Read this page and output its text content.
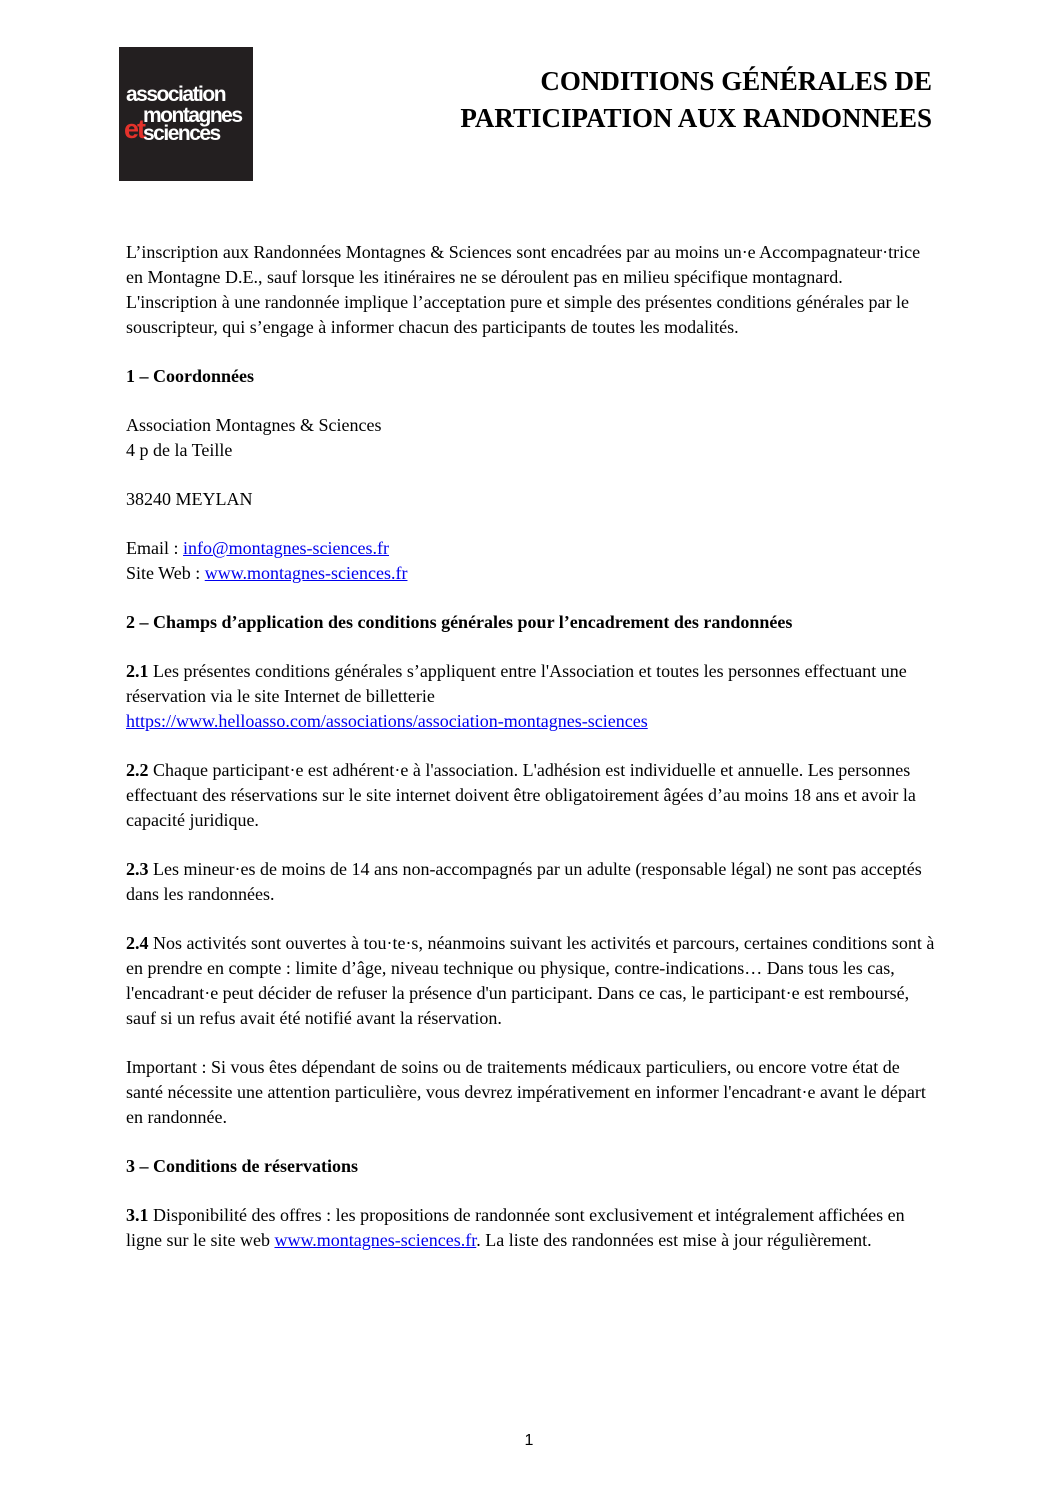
association
montagnes
et
sciences
CONDITIONS GÉNÉRALES DE
PARTICIPATION AUX RANDONNEES

L’inscription aux Randonnées Montagnes & Sciences sont encadrées par au moins un·e Accompagnateur·trice en Montagne D.E., sauf lorsque les itinéraires ne se déroulent pas en milieu spécifique montagnard. L'inscription à une randonnée implique l’acceptation pure et simple des présentes conditions générales par le souscripteur, qui s’engage à informer chacun des participants de toutes les modalités.

1 – Coordonnées

Association Montagnes & Sciences

4 p de la Teille

38240 MEYLAN

Email : info@montagnes-sciences.fr

Site Web : www.montagnes-sciences.fr

2 – Champs d’application des conditions générales pour l’encadrement des randonnées

2.1 Les présentes conditions générales s’appliquent entre l'Association et toutes les personnes effectuant une réservation via le site Internet de billetterie
https://www.helloasso.com/associations/association-montagnes-sciences

2.2 Chaque participant·e est adhérent·e à l'association. L'adhésion est individuelle et annuelle. Les personnes effectuant des réservations sur le site internet doivent être obligatoirement âgées d’au moins 18 ans et avoir la capacité juridique.

2.3 Les mineur·es de moins de 14 ans non-accompagnés par un adulte (responsable légal) ne sont pas acceptés dans les randonnées.

2.4 Nos activités sont ouvertes à tou·te·s, néanmoins suivant les activités et parcours, certaines conditions sont à en prendre en compte : limite d’âge, niveau technique ou physique, contre-indications… Dans tous les cas, l'encadrant·e peut décider de refuser la présence d'un participant. Dans ce cas, le participant·e est remboursé, sauf si un refus avait été notifié avant la réservation.

Important : Si vous êtes dépendant de soins ou de traitements médicaux particuliers, ou encore votre état de santé nécessite une attention particulière, vous devrez impérativement en informer l'encadrant·e avant le départ en randonnée.

3 – Conditions de réservations

3.1 Disponibilité des offres : les propositions de randonnée sont exclusivement et intégralement affichées en ligne sur le site web www.montagnes-sciences.fr. La liste des randonnées est mise à jour régulièrement.

1
